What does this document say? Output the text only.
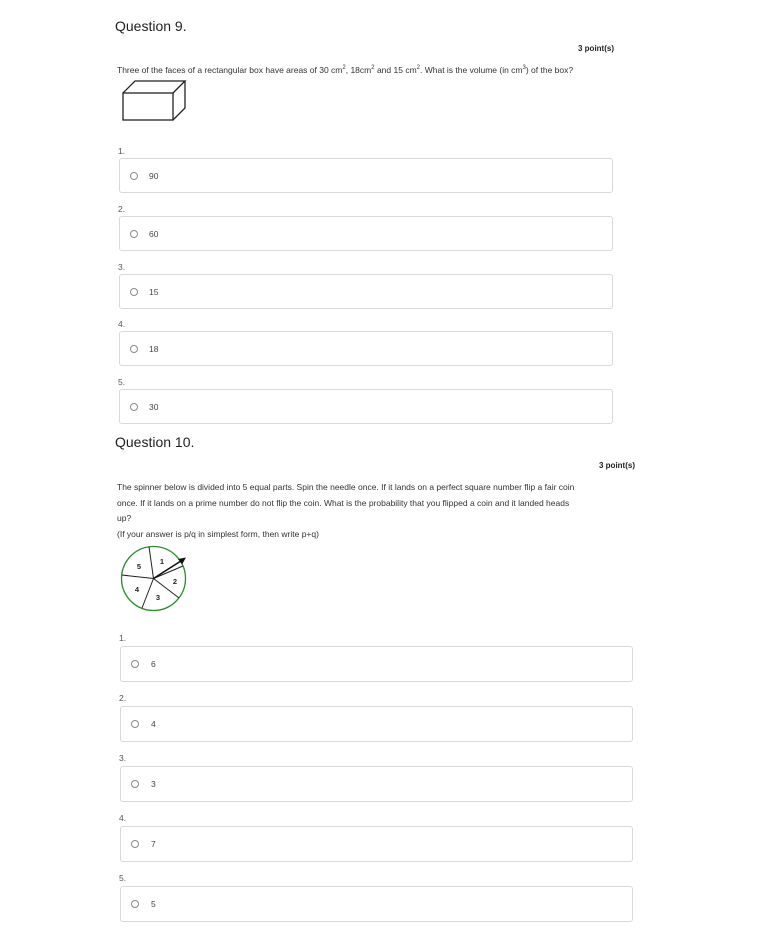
Question 9.
3 point(s)
Three of the faces of a rectangular box have areas of 30 $cm^2$, $18cm^2$ and 15 $cm^2$. What is the volume (in $cm^3$) of the box?
1.
90
2.
60
3.
15
4.
18
5.
30
Question 10.
3 point(s)
The spinner below is divided into 5 equal parts. Spin the needle once. If it lands on a perfect square number flip a fair coin
once. If it lands on a prime number do not flip the coin. What is the probability that you flipped a coin and it landed heads
up?
(If your answer is p/q in simplest form, then write p+q)
1
2
3
4
5
1.
6
2.
4
3.
3
4.
7
5.
5
